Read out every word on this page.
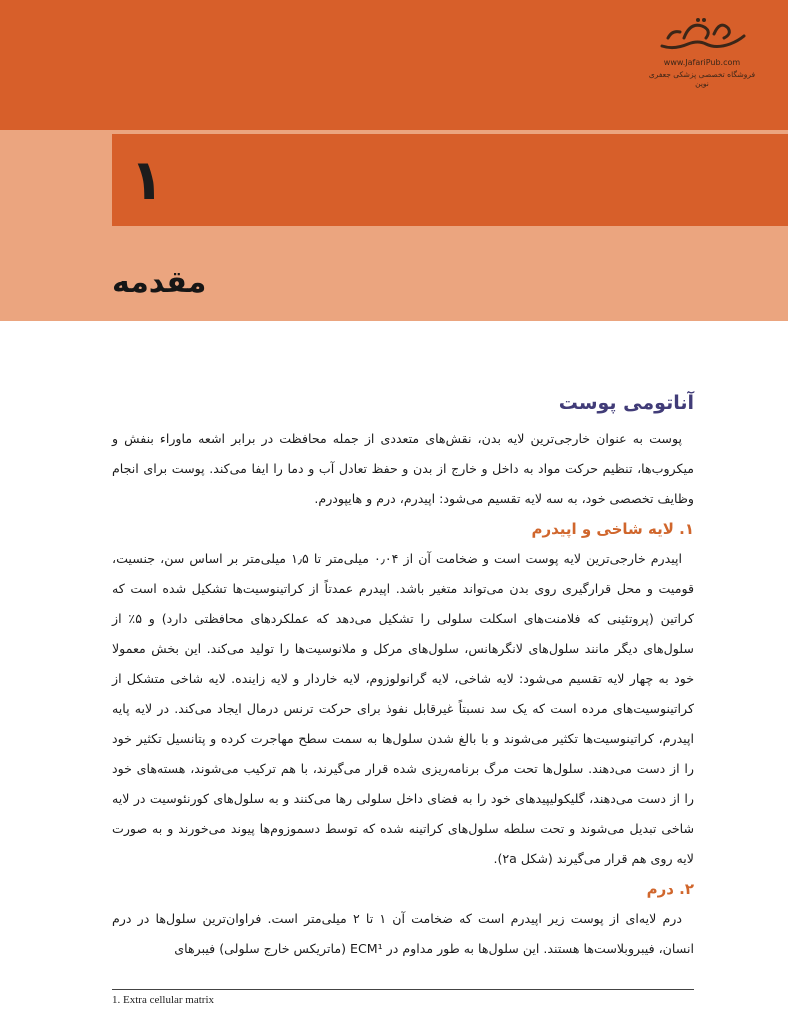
www.JafariPub.com
فروشگاه تخصصی پزشکی جعفری نوین
۱
مقدمه
آناتومی پوست

پوست به عنوان خارجی‌ترین لایه بدن، نقش‌های متعددی از جمله محافظت در برابر اشعه ماوراء بنفش و میکروب‌ها، تنظیم حرکت مواد به داخل و خارج از بدن و حفظ تعادل آب و دما را ایفا می‌کند. پوست برای انجام وظایف تخصصی خود، به سه لایه تقسیم می‌شود: اپیدرم، درم و هایپودرم.

۱. لایه شاخی و اپیدرم

اپیدرم خارجی‌ترین لایه پوست است و ضخامت آن از ۰٫۰۴ میلی‌متر تا ۱٫۵ میلی‌متر بر اساس سن، جنسیت، قومیت و محل قرارگیری روی بدن می‌تواند متغیر باشد. اپیدرم عمدتاً از کراتینوسیت‌ها تشکیل شده است که کراتین (پروتئینی که فلامنت‌های اسکلت سلولی را تشکیل می‌دهد که عملکردهای محافظتی دارد) و ۵٪ از سلول‌های دیگر مانند سلول‌های لانگرهانس، سلول‌های مرکل و ملانوسیت‌ها را تولید می‌کند. این بخش معمولا خود به چهار لایه تقسیم می‌شود: لایه شاخی، لایه گرانولوزوم، لایه خاردار و لایه زاینده. لایه شاخی متشکل از کراتینوسیت‌های مرده است که یک سد نسبتاً غیرقابل نفوذ برای حرکت ترنس درمال ایجاد می‌کند. در لایه پایه اپیدرم، کراتینوسیت‌ها تکثیر می‌شوند و با بالغ شدن سلول‌ها به سمت سطح مهاجرت کرده و پتانسیل تکثیر خود را از دست می‌دهند. سلول‌ها تحت مرگ برنامه‌ریزی شده قرار می‌گیرند، با هم ترکیب می‌شوند، هسته‌های خود را از دست می‌دهند، گلیکولیپیدهای خود را به فضای داخل سلولی رها می‌کنند و به سلول‌های کورنئوسیت در لایه شاخی تبدیل می‌شوند و تحت سلطه سلول‌های کراتینه شده که توسط دسموزوم‌ها پیوند می‌خورند و به صورت لایه روی هم قرار می‌گیرند (شکل ۲a).

۲. درم

درم لایه‌ای از پوست زیر اپیدرم است که ضخامت آن ۱ تا ۲ میلی‌متر است. فراوان‌ترین سلول‌ها در درم انسان، فیبروبلاست‌ها هستند. این سلول‌ها به طور مداوم در ECM¹ (ماتریکس خارج سلولی) فیبرهای

1. Extra cellular matrix
